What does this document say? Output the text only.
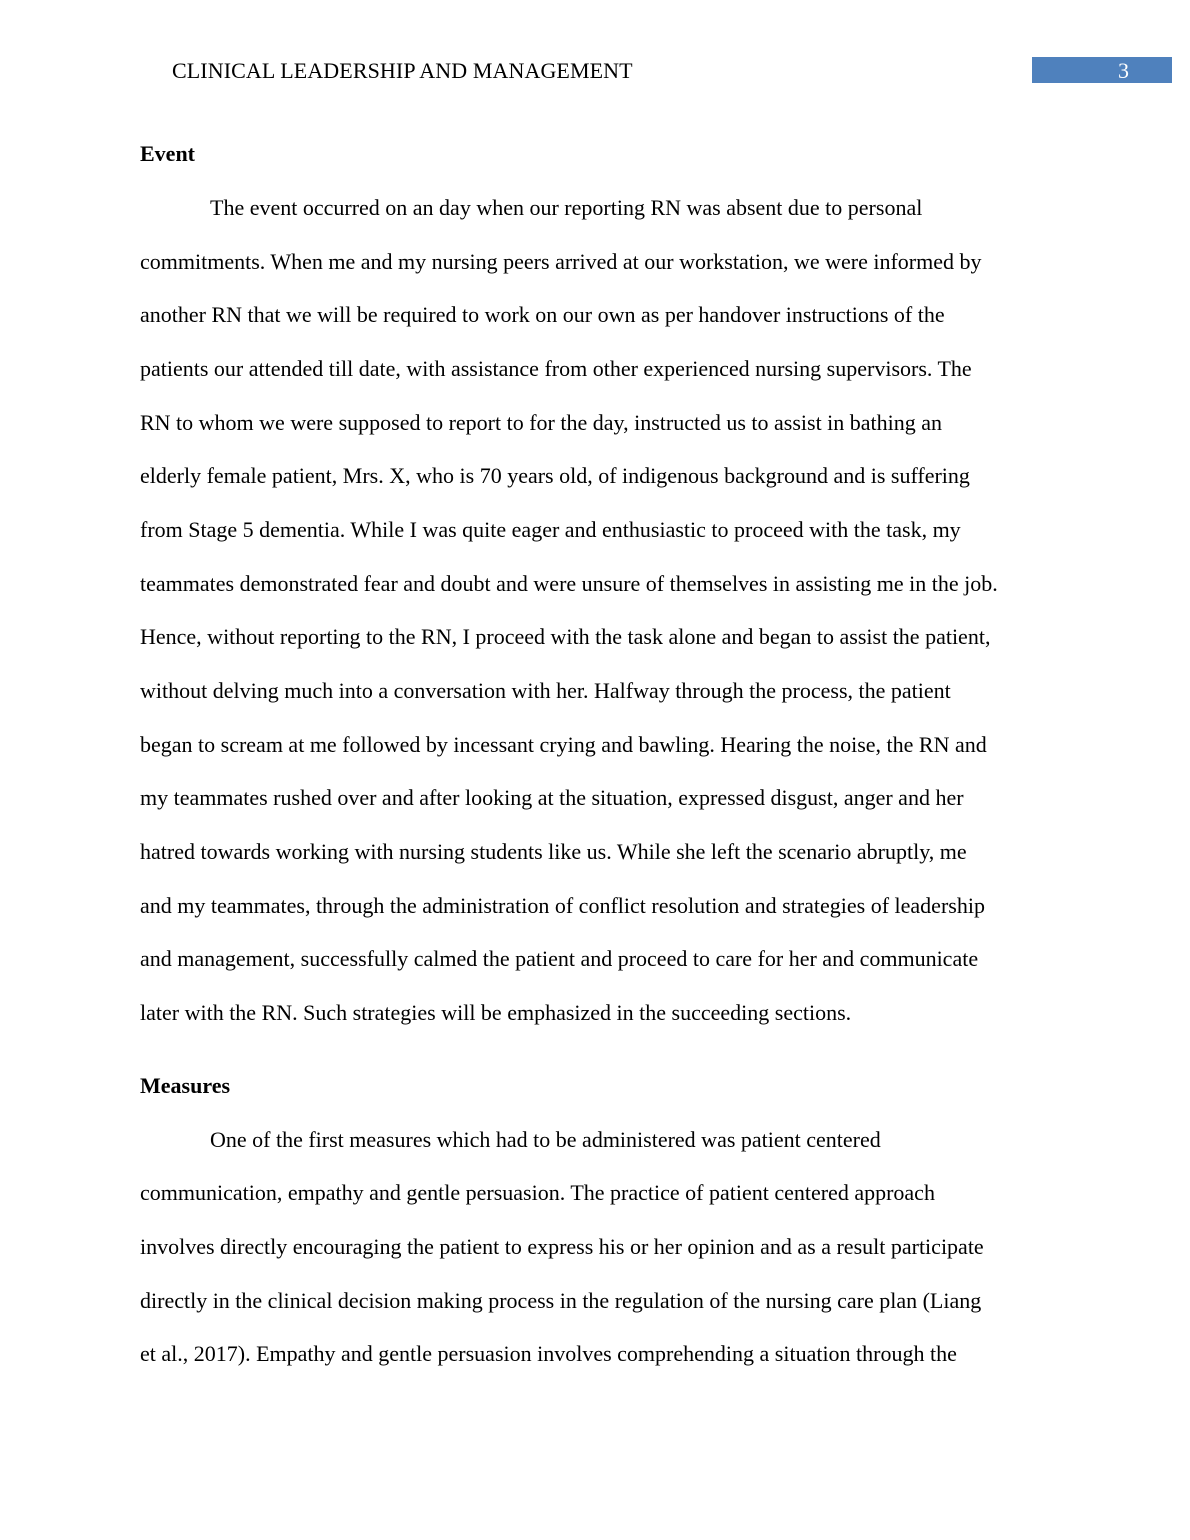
CLINICAL LEADERSHIP AND MANAGEMENT	3
Event
The event occurred on an day when our reporting RN was absent due to personal
commitments. When me and my nursing peers arrived at our workstation, we were informed by
another RN that we will be required to work on our own as per handover instructions of the
patients our attended till date, with assistance from other experienced nursing supervisors. The
RN to whom we were supposed to report to for the day, instructed us to assist in bathing an
elderly female patient, Mrs. X, who is 70 years old, of indigenous background and is suffering
from Stage 5 dementia. While I was quite eager and enthusiastic to proceed with the task, my
teammates demonstrated fear and doubt and were unsure of themselves in assisting me in the job.
Hence, without reporting to the RN, I proceed with the task alone and began to assist the patient,
without delving much into a conversation with her. Halfway through the process, the patient
began to scream at me followed by incessant crying and bawling. Hearing the noise, the RN and
my teammates rushed over and after looking at the situation, expressed disgust, anger and her
hatred towards working with nursing students like us. While she left the scenario abruptly, me
and my teammates, through the administration of conflict resolution and strategies of leadership
and management, successfully calmed the patient and proceed to care for her and communicate
later with the RN. Such strategies will be emphasized in the succeeding sections.
Measures
One of the first measures which had to be administered was patient centered
communication, empathy and gentle persuasion. The practice of patient centered approach
involves directly encouraging the patient to express his or her opinion and as a result participate
directly in the clinical decision making process in the regulation of the nursing care plan (Liang
et al., 2017). Empathy and gentle persuasion involves comprehending a situation through the
